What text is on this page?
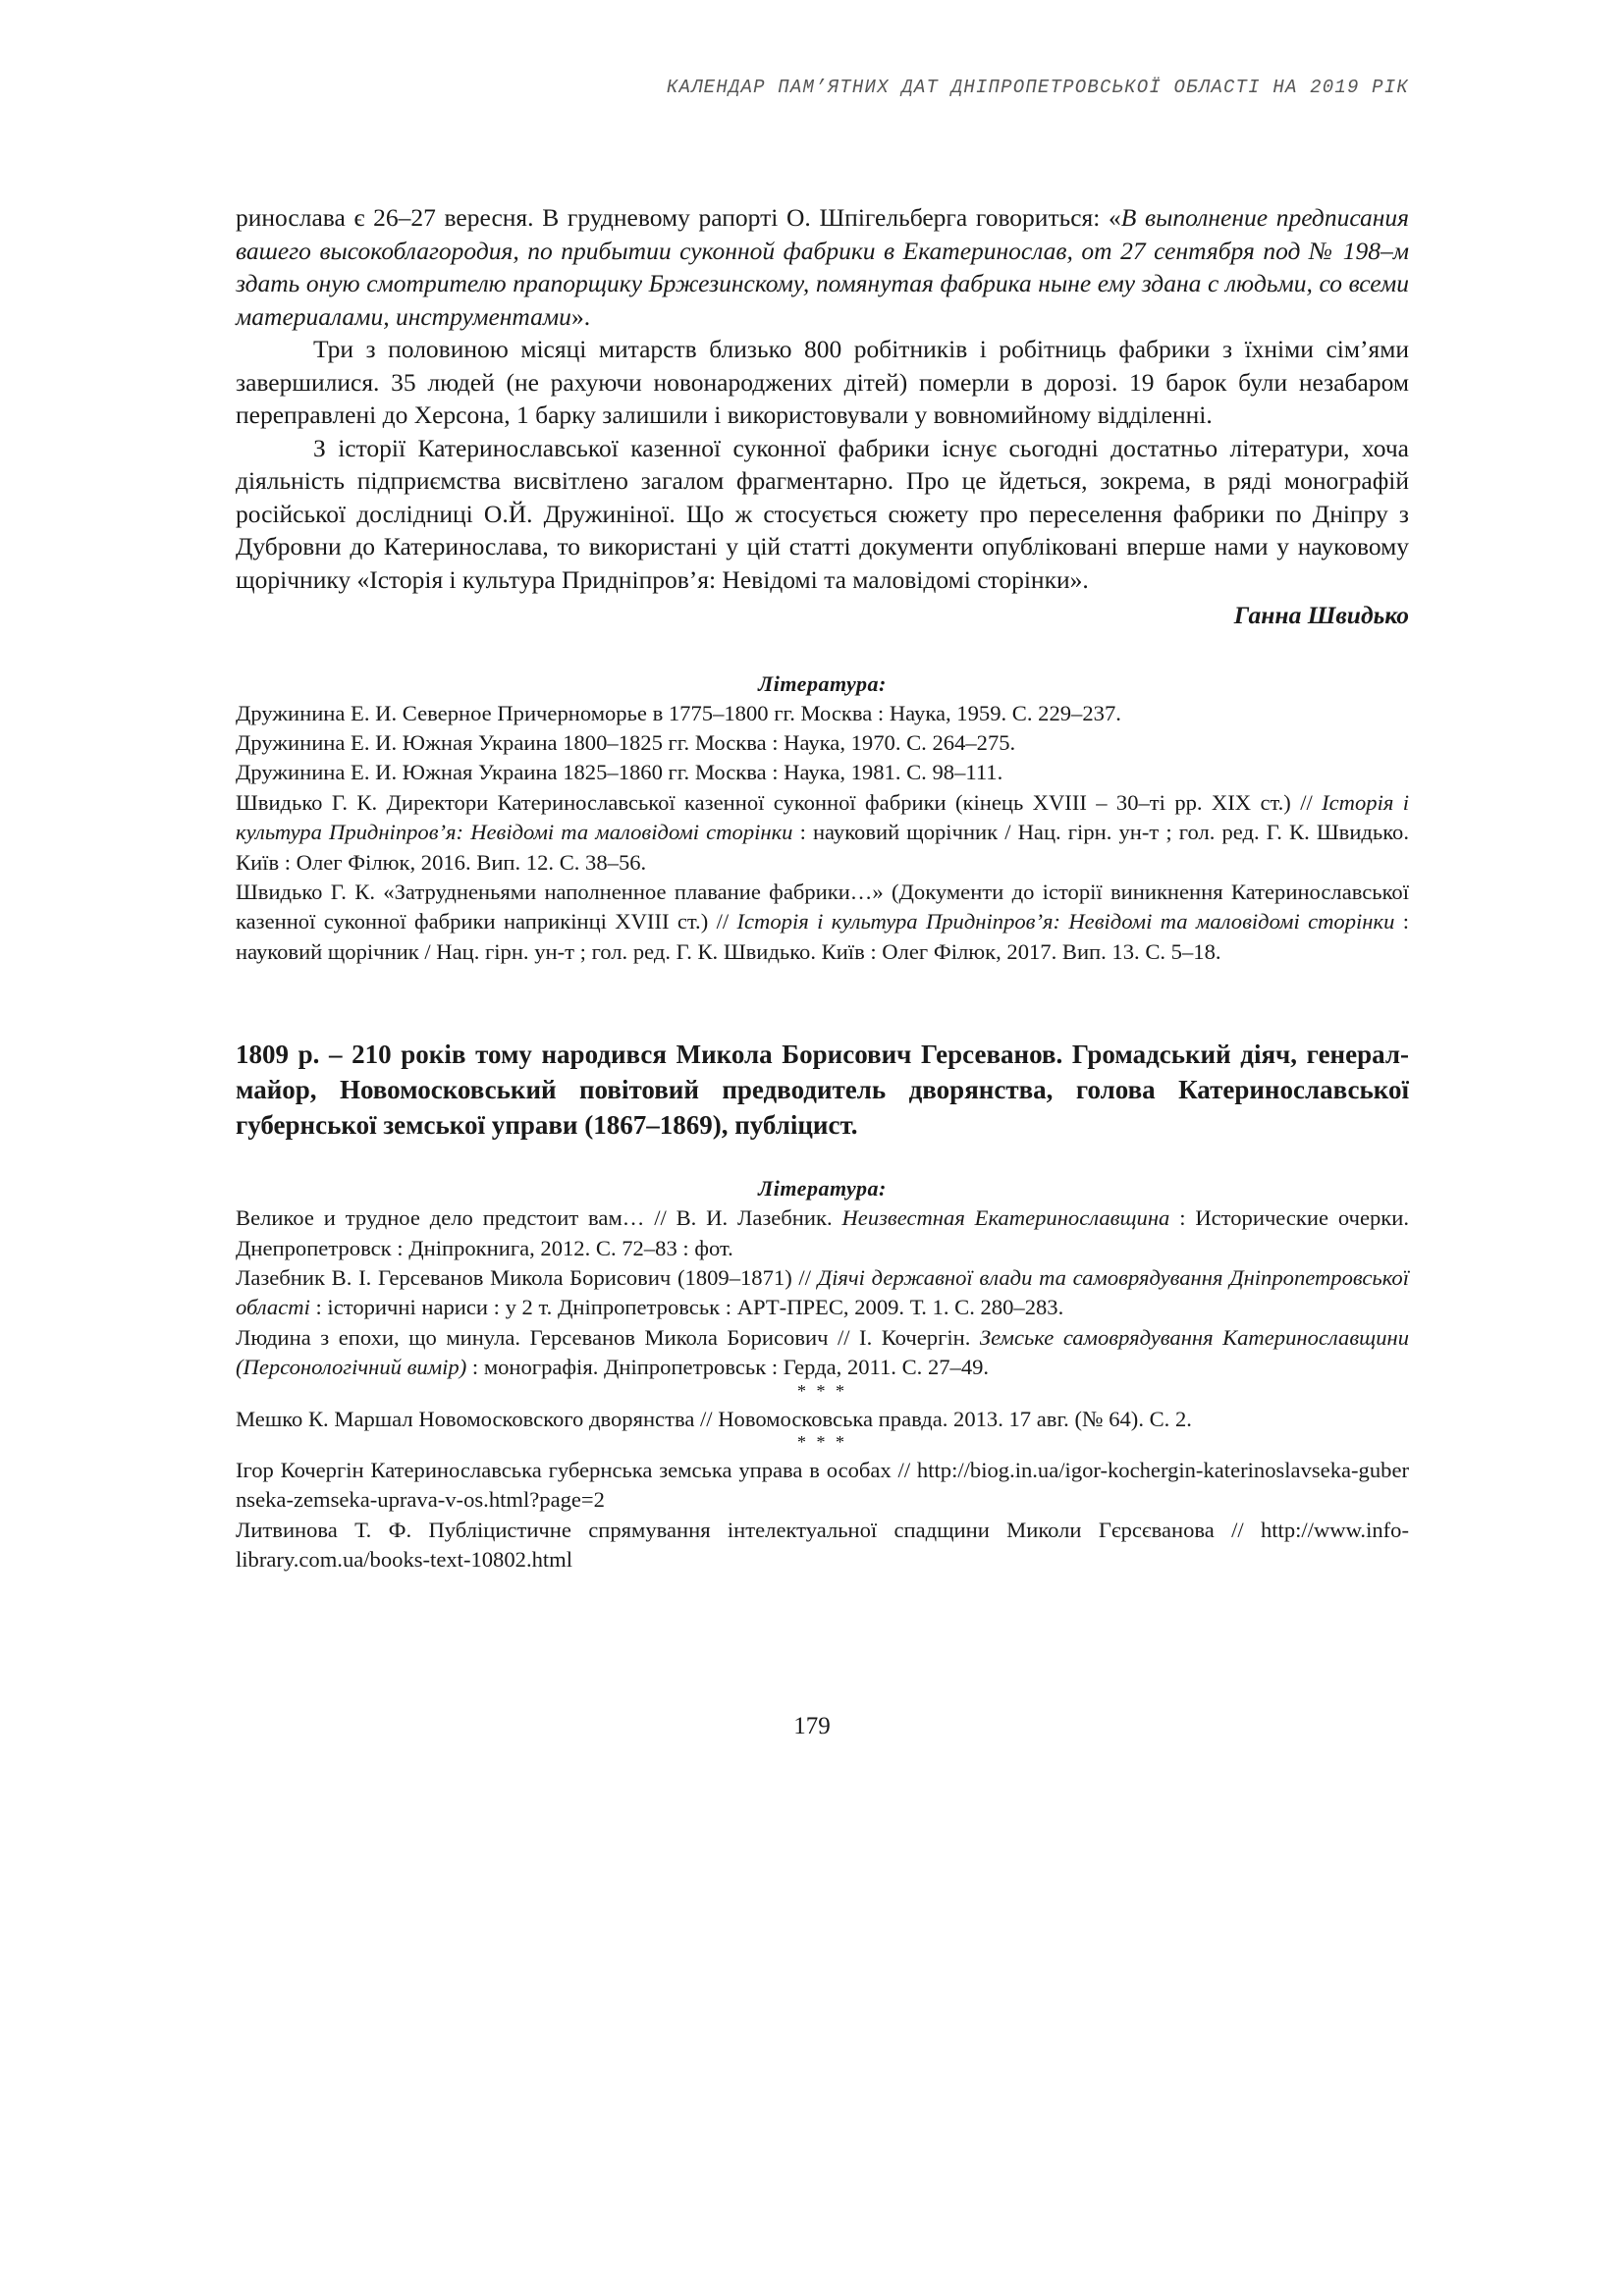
КАЛЕНДАР ПАМ’ЯТНИХ ДАТ ДНІПРОПЕТРОВСЬКОЇ ОБЛАСТІ НА 2019 РІК

ринослава є 26–27 вересня. В грудневому рапорті О. Шпігельберга говориться: «В выполнение предписания вашего высокоблагородия, по прибытии суконной фабрики в Екатеринослав, от 27 сентября под № 198–м здать оную смотрителю прапорщику Бржезинскому, помянутая фабрика ныне ему здана с людьми, со всеми материалами, инструментами».

Три з половиною місяці митарств близько 800 робітників і робітниць фабрики з їхніми сім’ями завершилися. 35 людей (не рахуючи новонароджених дітей) померли в дорозі. 19 барок були незабаром переправлені до Херсона, 1 барку залишили і використовували у вовномийному відділенні.

З історії Катеринославської казенної суконної фабрики існує сьогодні достатньо літератури, хоча діяльність підприємства висвітлено загалом фрагментарно. Про це йдеться, зокрема, в ряді монографій російської дослідниці О.Й. Дружиніної. Що ж стосується сюжету про переселення фабрики по Дніпру з Дубровни до Катеринослава, то використані у цій статті документи опубліковані вперше нами у науковому щорічнику «Історія і культура Придніпров’я: Невідомі та маловідомі сторінки».

Ганна Швидько
Література:
Дружинина Е. И. Северное Причерноморье в 1775–1800 гг. Москва : Наука, 1959. С. 229–237.
Дружинина Е. И. Южная Украина 1800–1825 гг. Москва : Наука, 1970. С. 264–275.
Дружинина Е. И. Южная Украина 1825–1860 гг. Москва : Наука, 1981. С. 98–111.
Швидько Г. К. Директори Катеринославської казенної суконної фабрики (кінець XVIII – 30–ті рр. XIX ст.) // Історія і культура Придніпров’я: Невідомі та маловідомі сторінки : науковий щорічник / Нац. гірн. ун-т ; гол. ред. Г. К. Швидько. Київ : Олег Філюк, 2016. Вип. 12. С. 38–56.
Швидько Г. К. «Затрудненьями наполненное плавание фабрики…» (Документи до історії виникнення Катеринославської казенної суконної фабрики наприкінці XVIII ст.) // Історія і культура Придніпров’я: Невідомі та маловідомі сторінки : науковий щорічник / Нац. гірн. ун-т ; гол. ред. Г. К. Швидько. Київ : Олег Філюк, 2017. Вип. 13. С. 5–18.

1809 р. – 210 років тому народився Микола Борисович Герсеванов. Громадський діяч, генерал-майор, Новомосковський повітовий предводитель дворянства, голова Катеринославської губернської земської управи (1867–1869), публіцист.

Література:
Великое и трудное дело предстоит вам… // В. И. Лазебник. Неизвестная Екатеринославщина : Исторические очерки. Днепропетровск : Дніпрокнига, 2012. С. 72–83 : фот.
Лазебник В. І. Герсеванов Микола Борисович (1809–1871) // Діячі державної влади та самоврядування Дніпропетровської області : історичні нариси : у 2 т. Дніпропетровськ : АРТ-ПРЕС, 2009. Т. 1. С. 280–283.
Людина з епохи, що минула. Герсеванов Микола Борисович // І. Кочергін. Земське самоврядування Катеринославщини (Персонологічний вимір) : монографія. Дніпропетровськ : Герда, 2011. С. 27–49.
* * *
Мешко К. Маршал Новомосковского дворянства // Новомосковська правда. 2013. 17 авг. (№ 64). С. 2.
* * *
Ігор Кочергін Катеринославська губернська земська управа в особах // http://biog.in.ua/igor-kochergin-katerinoslavseka-gubernseka-zemseka-uprava-v-os.html?page=2
Литвинова Т. Ф. Публіцистичне спрямування інтелектуальної спадщини Миколи Гєрсєванова // http://www.info-library.com.ua/books-text-10802.html
179
